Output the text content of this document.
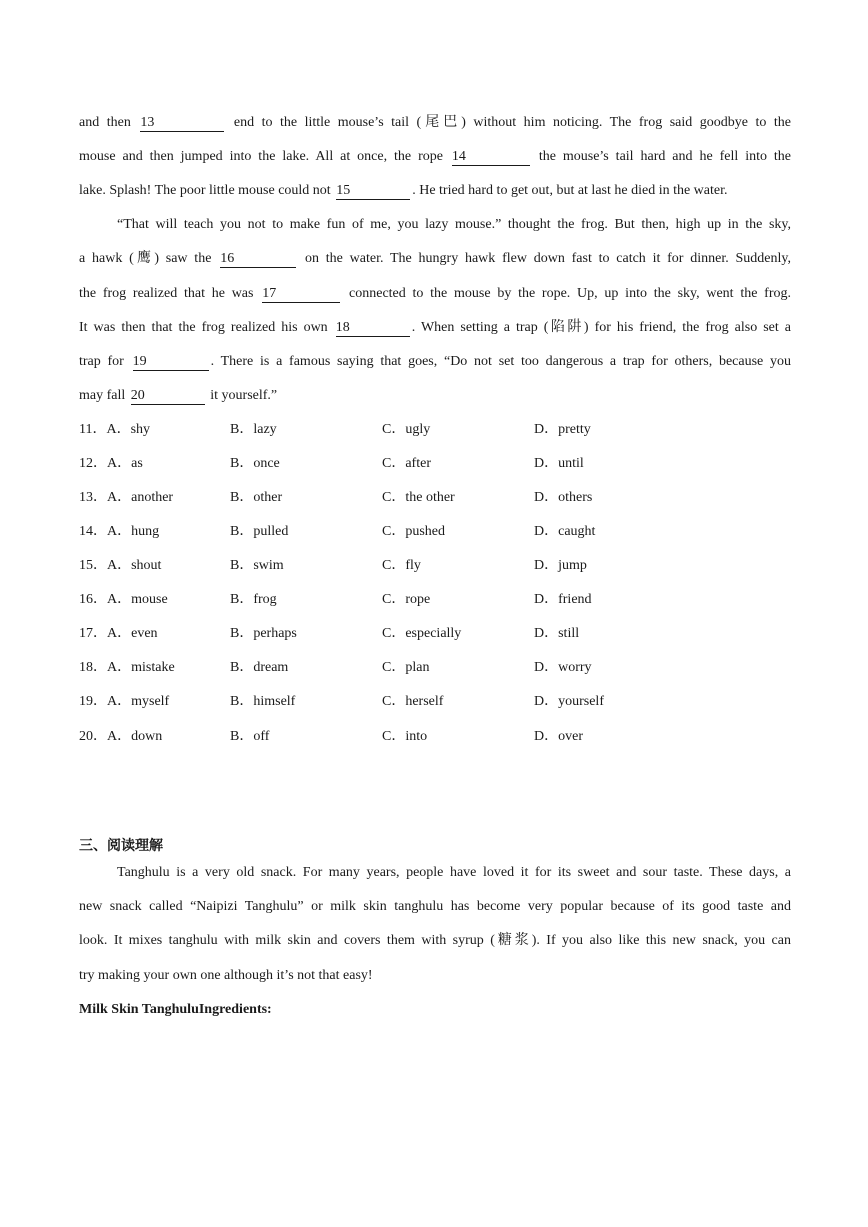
and then 13	end to the little mouse’s tail (尾巴) without him noticing. The frog said goodbye to the
mouse and then jumped into the lake. All at once, the rope 14	the mouse’s tail hard and he fell into the
lake. Splash! The poor little mouse could not 15	. He tried hard to get out, but at last he died in the water.
“That will teach you not to make fun of me, you lazy mouse.” thought the frog. But then, high up in the sky,
a hawk (鹰) saw the 16	on the water. The hungry hawk flew down fast to catch it for dinner. Suddenly,
the frog realized that he was 17	connected to the mouse by the rope. Up, up into the sky, went the frog.
It was then that the frog realized his own 18	. When setting a trap (陷阱) for his friend, the frog also set a
trap for 19	. There is a famous saying that goes, “Do not set too dangerous a trap for others, because you
may fall 20	it yourself.”
11．A．shy	B．lazy	C．ugly	D．pretty
12．A．as	B．once	C．after	D．until
13．A．another	B．other	C．the other	D．others
14．A．hung	B．pulled	C．pushed	D．caught
15．A．shout	B．swim	C．fly	D．jump
16．A．mouse	B．frog	C．rope	D．friend
17．A．even	B．perhaps	C．especially	D．still
18．A．mistake	B．dream	C．plan	D．worry
19．A．myself	B．himself	C．herself	D．yourself
20．A．down	B．off	C．into	D．over
三、阅读理解
Tanghulu is a very old snack. For many years, people have loved it for its sweet and sour taste. These days, a
new snack called “Naipizi Tanghulu” or milk skin tanghulu has become very popular because of its good taste and
look. It mixes tanghulu with milk skin and covers them with syrup (糖浆). If you also like this new snack, you can
try making your own one although it’s not that easy!
Milk Skin TanghuluIngredients:
